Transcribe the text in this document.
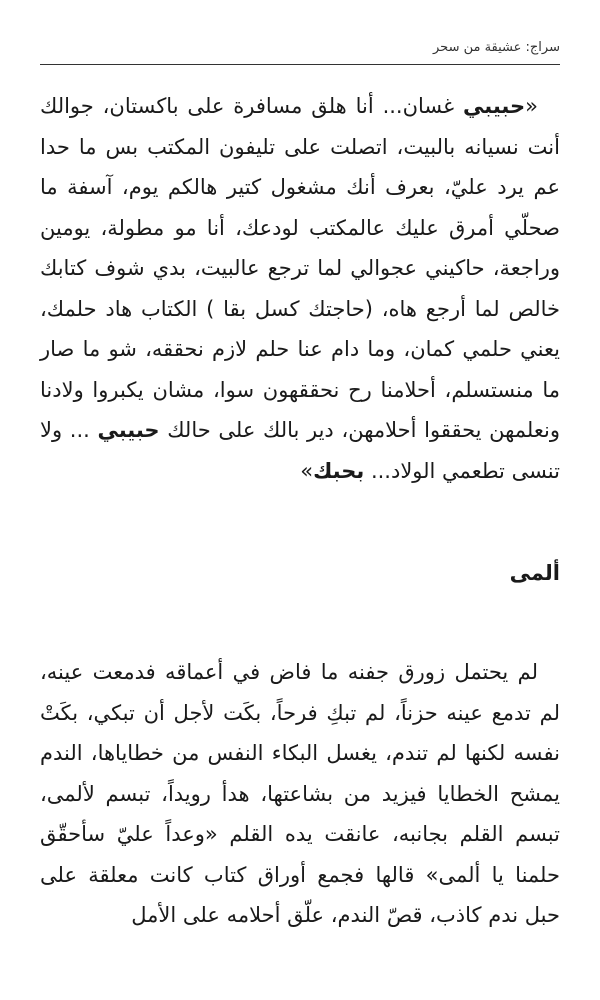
سراج: عشيقة من سحر

«حبيبي غسان... أنا هلق مسافرة على باكستان، جوالك أنت نسيانه بالبيت، اتصلت على تليفون المكتب بس ما حدا عم يرد عليّ، بعرف أنك مشغول كتير هالكم يوم، آسفة ما صحلّي أمرق عليك عالمكتب لودعك، أنا مو مطولة، يومين وراجعة، حاكيني عجوالي لما ترجع عالبيت، بدي شوف كتابك خالص لما أرجع هاه، (حاجتك كسل بقا ) الكتاب هاد حلمك، يعني حلمي كمان، وما دام عنا حلم لازم نحققه، شو ما صار ما منستسلم، أحلامنا رح نحققهون سوا، مشان يكبروا ولادنا ونعلمهن يحققوا أحلامهن، دير بالك على حالك حبيبي ... ولا تنسى تطعمي الولاد... بحبك»

ألمى

لم يحتمل زورق جفنه ما فاض في أعماقه فدمعت عينه، لم تدمع عينه حزناً، لم تبكِ فرحاً، بكَت لأجل أن تبكي، بكَتْ نفسه لكنها لم تندم، يغسل البكاء النفس من خطاياها، الندم يمشح الخطايا فيزيد من بشاعتها، هدأ رويداً، تبسم لألمى، تبسم القلم بجانبه، عانقت يده القلم «وعداً عليّ سأحقّق حلمنا يا ألمى» قالها فجمع أوراق كتاب كانت معلقة على حبل ندم كاذب، قصّ الندم، علّق أحلامه على الأمل
